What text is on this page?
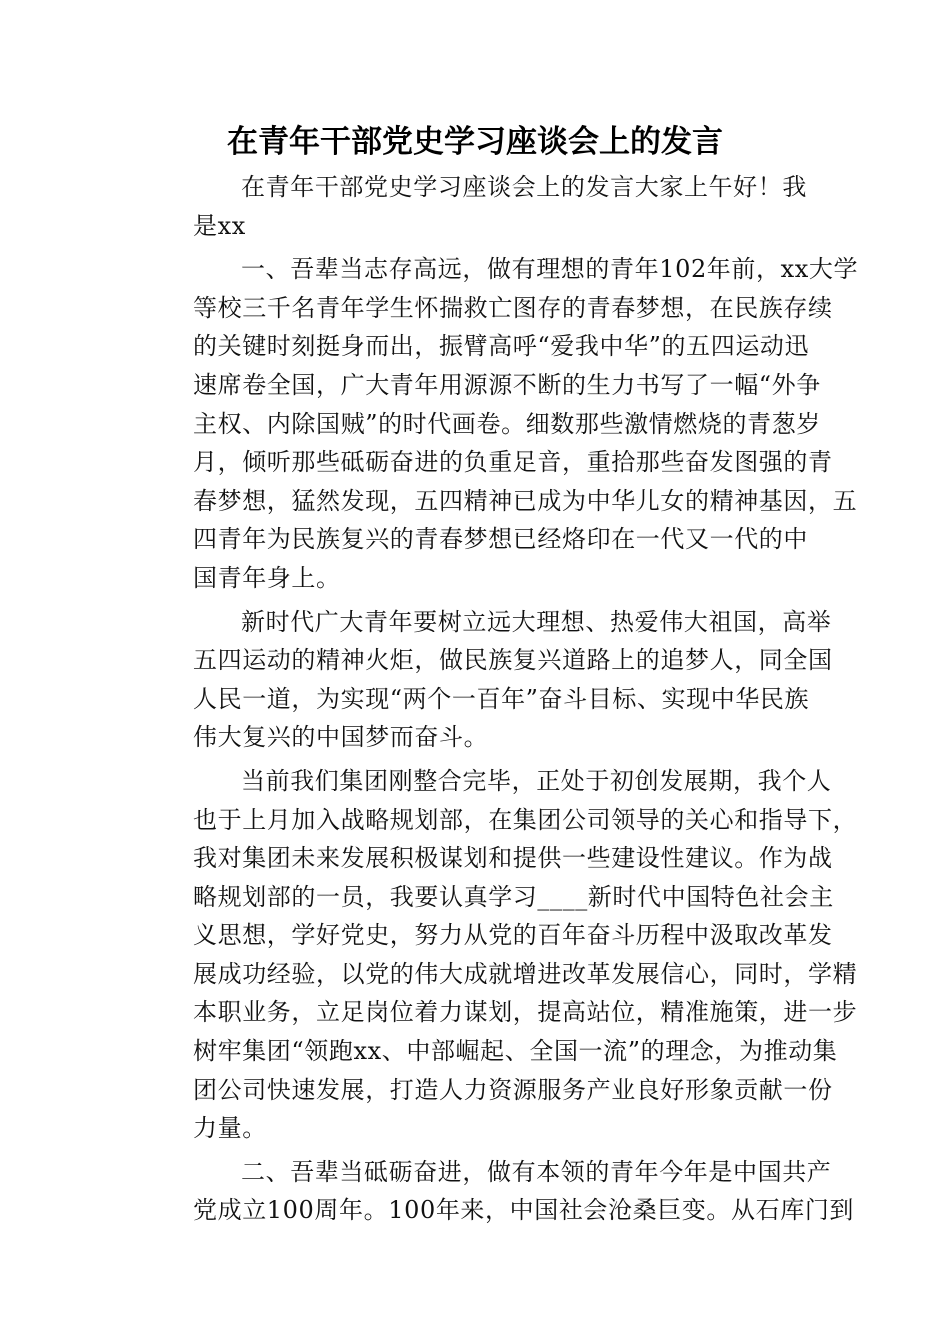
在青年干部党史学习座谈会上的发言
在青年干部党史学习座谈会上的发言大家上午好！我
是xx
一、吾辈当志存高远，做有理想的青年102年前，xx大学
等校三千名青年学生怀揣救亡图存的青春梦想，在民族存续
的关键时刻挺身而出，振臂高呼“爱我中华”的五四运动迅
速席卷全国，广大青年用源源不断的生力书写了一幅“外争
主权、内除国贼”的时代画卷。细数那些激情燃烧的青葱岁
月，倾听那些砥砺奋进的负重足音，重拾那些奋发图强的青
春梦想，猛然发现，五四精神已成为中华儿女的精神基因，五
四青年为民族复兴的青春梦想已经烙印在一代又一代的中
国青年身上。
新时代广大青年要树立远大理想、热爱伟大祖国，高举
五四运动的精神火炬，做民族复兴道路上的追梦人，同全国
人民一道，为实现“两个一百年”奋斗目标、实现中华民族
伟大复兴的中国梦而奋斗。
当前我们集团刚整合完毕，正处于初创发展期，我个人
也于上月加入战略规划部，在集团公司领导的关心和指导下，
我对集团未来发展积极谋划和提供一些建设性建议。作为战
略规划部的一员，我要认真学习____新时代中国特色社会主
义思想，学好党史，努力从党的百年奋斗历程中汲取改革发
展成功经验，以党的伟大成就增进改革发展信心，同时，学精
本职业务，立足岗位着力谋划，提高站位，精准施策，进一步
树牢集团“领跑xx、中部崛起、全国一流”的理念，为推动集
团公司快速发展，打造人力资源服务产业良好形象贡献一份
力量。
二、吾辈当砥砺奋进，做有本领的青年今年是中国共产
党成立100周年。100年来，中国社会沧桑巨变。从石库门到
